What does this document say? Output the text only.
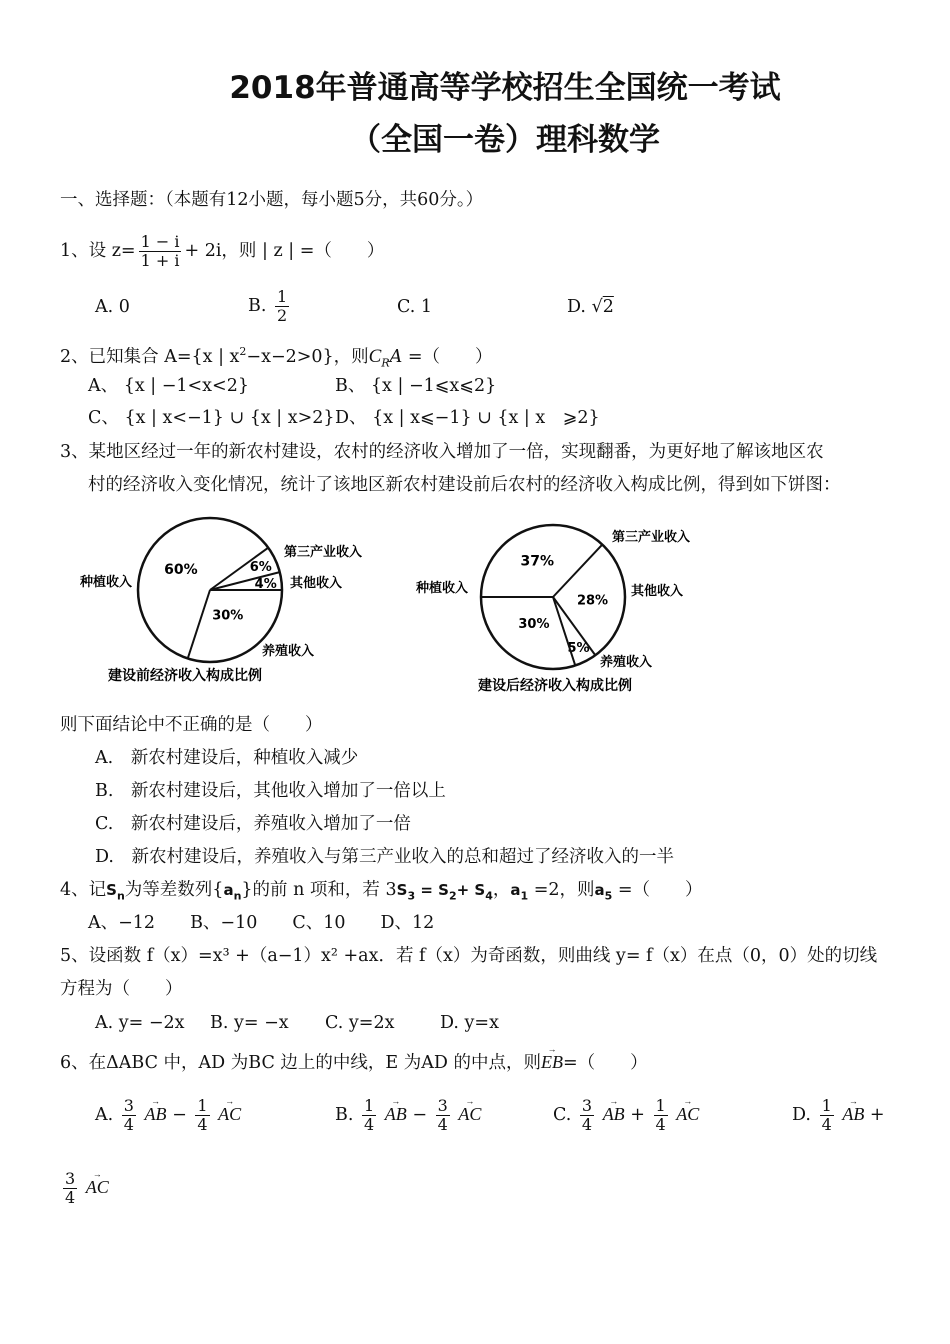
2018年普通高等学校招生全国统一考试
（全国一卷）理科数学
一、选择题：（本题有12小题，每小题5分，共60分。）
1、设 $z= \frac{1 - i}{1 + i} + 2i$，则 | z | =（　　）
A. 0	B. $\frac{1}{2}$	C. 1	D. √2
2、已知集合 A={x | $x^2-x-2>0$}，则$C_RA$ =（　　）
A、 {x | −1<x<2}	B、 {x | −1⩽x⩽2}
C、 {x | x<−1} ∪ {x | x>2} D、 {x | x⩽−1} ∪ {x | x　⩾2}
3、某地区经过一年的新农村建设，农村的经济收入增加了一倍，实现翻番，为更好地了解该地区农
村的经济收入变化情况，统计了该地区新农村建设前后农村的经济收入构成比例，得到如下饼图：
60%	6%
4%
30%
种植收入
第三产业收入
其他收入
养殖收入
建设前经济收入构成比例
37%
28%
5%
30%
种植收入
第三产业收入
其他收入
养殖收入
建设后经济收入构成比例
则下面结论中不正确的是（　　）
A.　新农村建设后，种植收入减少
B.　新农村建设后，其他收入增加了一倍以上
C.　新农村建设后，养殖收入增加了一倍
D.　新农村建设后，养殖收入与第三产业收入的总和超过了经济收入的一半
4、记$S_n$为等差数列$\{a_n\}$的前 n 项和，若 $3S_3 = S_2+ S_4$，$a_1 =2$，则$a_5$ =（　　）
A、−12　　B、−10　　C、10　　D、12
5、设函数 f（x）=x³ +（a−1）x² +ax．若 f（x）为奇函数，则曲线 y= f（x）在点（0，0）处的切线
方程为（　　）
A. y= −2x B. y= −x C. y=2x	D. y=x
6、在ΔABC 中，AD 为BC 边上的中线，E 为AD 的中点，则→ EB=（　　）
A. $\frac{3}{4}$ → AB − $\frac{1}{4}$ → AC	B. $\frac{1}{4}$ → AB − $\frac{3}{4}$ → AC	C. $\frac{3}{4}$ → AB + $\frac{1}{4}$ → AC	D. $\frac{1}{4}$ → AB +
$\frac{3}{4}$ → AC
